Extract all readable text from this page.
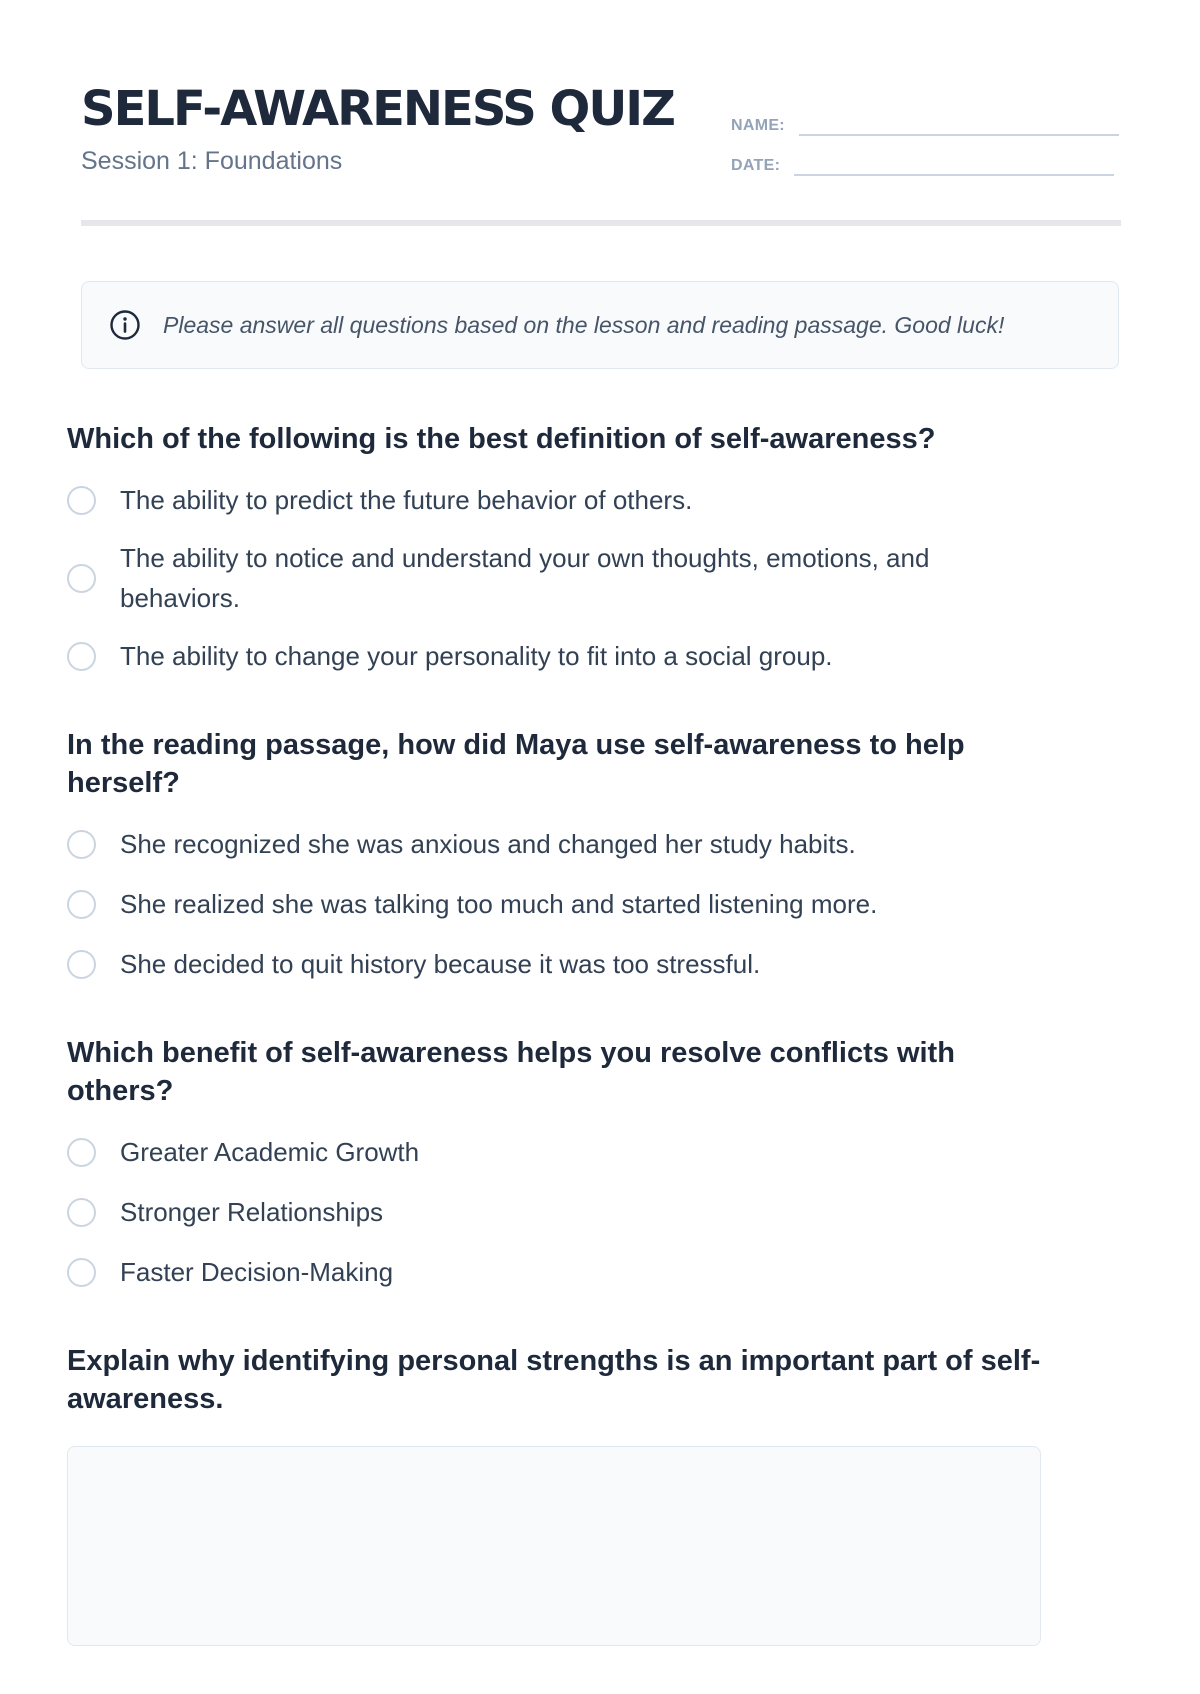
SELF-AWARENESS QUIZ
Session 1: Foundations
NAME:
DATE:
Please answer all questions based on the lesson and reading passage. Good luck!
Which of the following is the best definition of self-awareness?
The ability to predict the future behavior of others.
The ability to notice and understand your own thoughts, emotions, and behaviors.
The ability to change your personality to fit into a social group.
In the reading passage, how did Maya use self-awareness to help herself?
She recognized she was anxious and changed her study habits.
She realized she was talking too much and started listening more.
She decided to quit history because it was too stressful.
Which benefit of self-awareness helps you resolve conflicts with others?
Greater Academic Growth
Stronger Relationships
Faster Decision-Making
Explain why identifying personal strengths is an important part of self-awareness.
